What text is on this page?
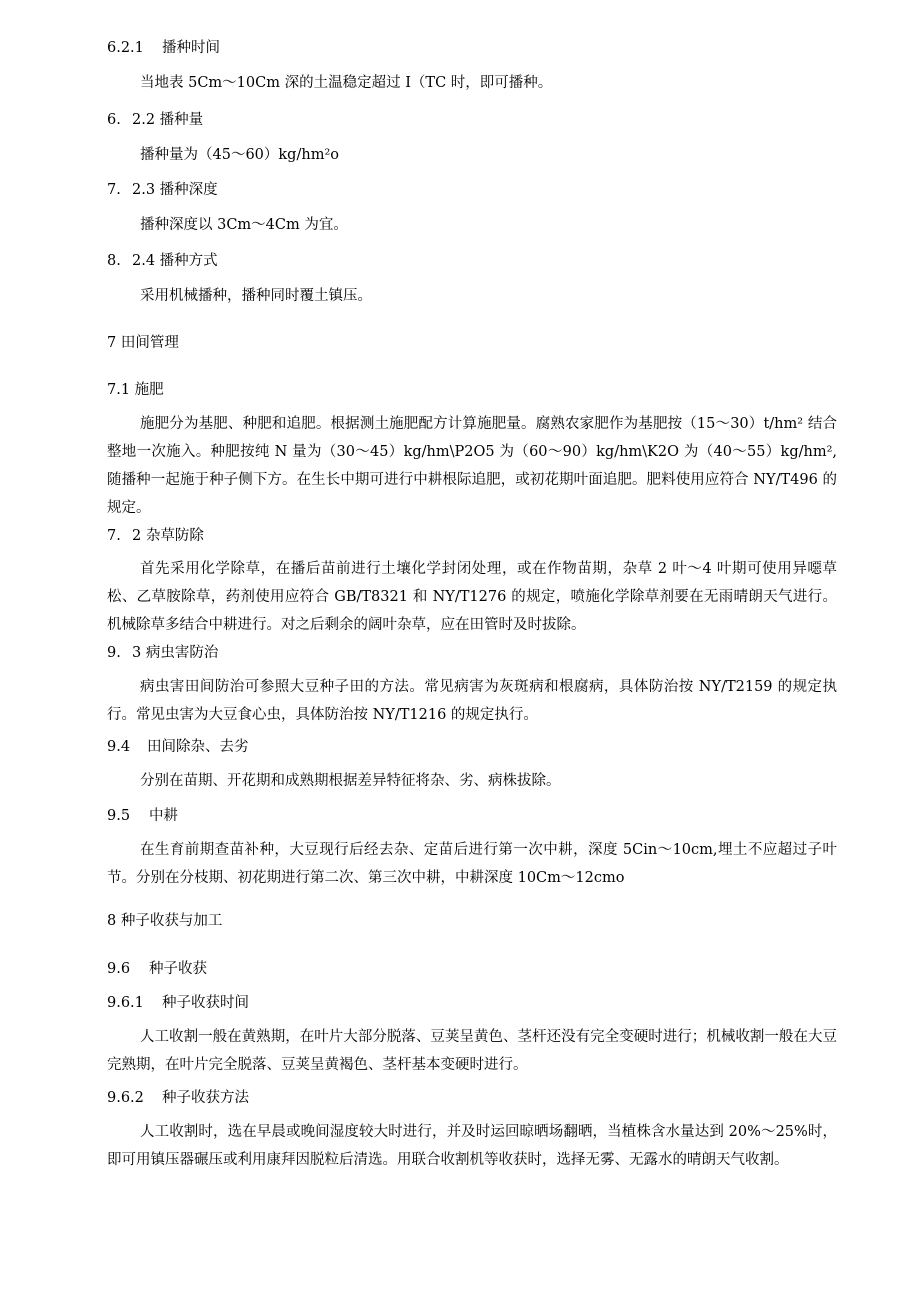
6.2.1 播种时间
当地表 5Cm～10Cm 深的土温稳定超过 I（TC 时，即可播种。
6. 2.2 播种量
播种量为（45～60）kg/hm²o
7. 2.3 播种深度
播种深度以 3Cm～4Cm 为宜。
8. 2.4 播种方式
采用机械播种，播种同时覆土镇压。
7 田间管理
7.1 施肥
施肥分为基肥、种肥和追肥。根据测土施肥配方计算施肥量。腐熟农家肥作为基肥按（15～30）t/hm² 结合整地一次施入。种肥按纯 N 量为（30～45）kg/hm\P2O5 为（60～90）kg/hm\K2O 为（40～55）kg/hm²,随播种一起施于种子侧下方。在生长中期可进行中耕根际追肥，或初花期叶面追肥。肥料使用应符合 NY/T496 的规定。
7. 2 杂草防除
首先采用化学除草，在播后苗前进行土壤化学封闭处理，或在作物苗期，杂草 2 叶～4 叶期可使用异噁草松、乙草胺除草，药剂使用应符合 GB/T8321 和 NY/T1276 的规定，喷施化学除草剂要在无雨晴朗天气进行。机械除草多结合中耕进行。对之后剩余的阔叶杂草，应在田管时及时拔除。
9. 3 病虫害防治
病虫害田间防治可参照大豆种子田的方法。常见病害为灰斑病和根腐病，具体防治按 NY/T2159 的规定执行。常见虫害为大豆食心虫，具体防治按 NY/T1216 的规定执行。
9.4 田间除杂、去劣
分别在苗期、开花期和成熟期根据差异特征将杂、劣、病株拔除。
9.5 中耕
在生育前期查苗补种，大豆现行后经去杂、定苗后进行第一次中耕，深度 5Cin～10cm,埋土不应超过子叶节。分别在分枝期、初花期进行第二次、第三次中耕，中耕深度 10Cm～12cmo
8 种子收获与加工
9.6 种子收获
9.6.1 种子收获时间
人工收割一般在黄熟期，在叶片大部分脱落、豆荚呈黄色、茎杆还没有完全变硬时进行；机械收割一般在大豆完熟期，在叶片完全脱落、豆荚呈黄褐色、茎杆基本变硬时进行。
9.6.2 种子收获方法
人工收割时，选在早晨或晚间湿度较大时进行，并及时运回晾晒场翻晒，当植株含水量达到 20%～25%时，即可用镇压器碾压或利用康拜因脱粒后清选。用联合收割机等收获时，选择无雾、无露水的晴朗天气收割。
